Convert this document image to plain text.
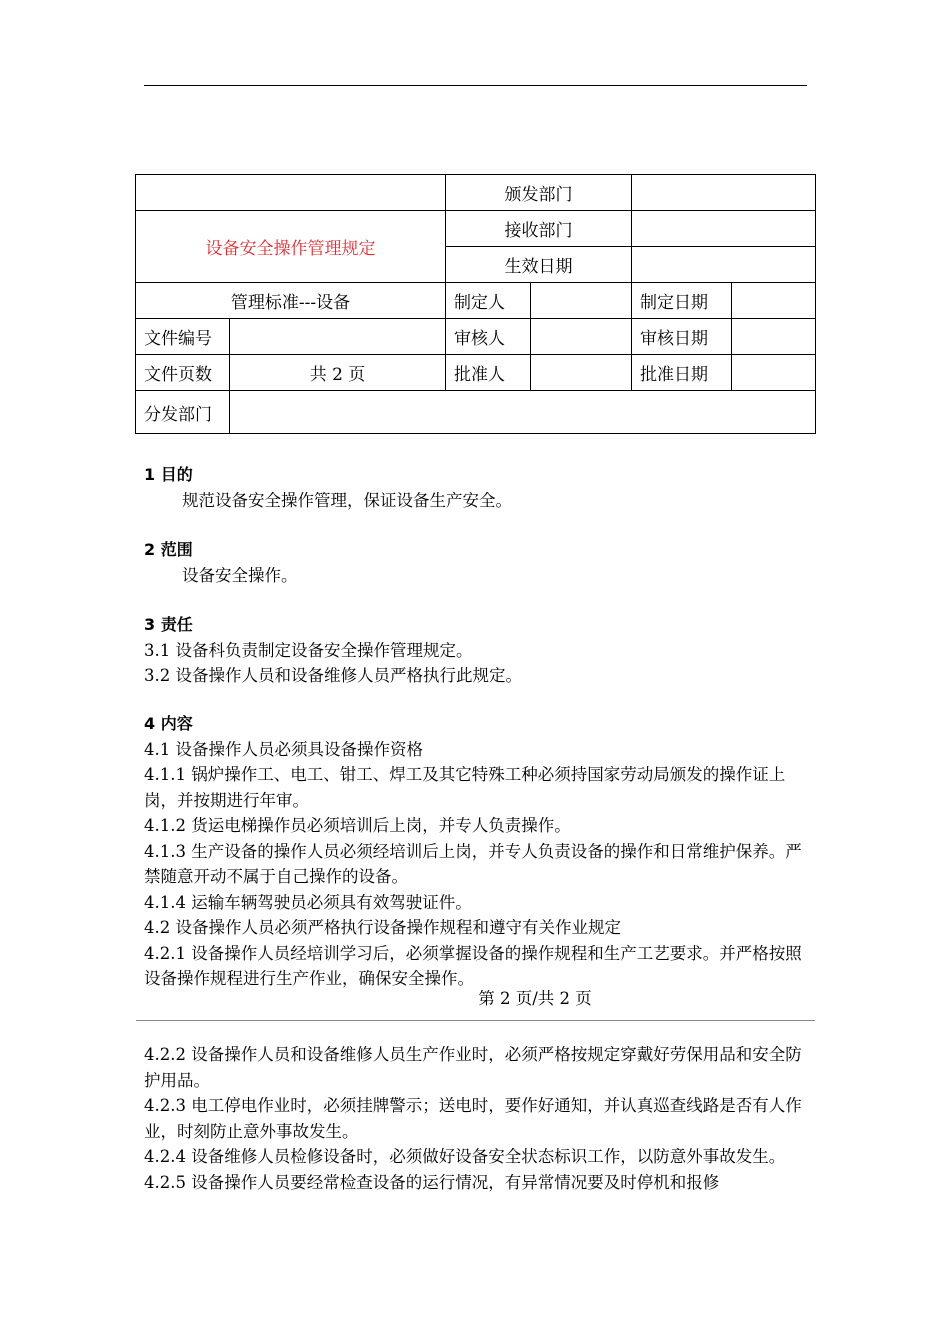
		颁发部门			
设备安全操作管理规定		接收部门			
		生效日期			
管理标准---设备		制定人		制定日期	
文件编号		审核人		审核日期	
文件页数	共 2 页	批准人		批准日期	
分发部门					

1 目的

规范设备安全操作管理，保证设备生产安全。

2 范围

设备安全操作。

3 责任

3.1 设备科负责制定设备安全操作管理规定。

3.2 设备操作人员和设备维修人员严格执行此规定。

4 内容

4.1 设备操作人员必须具设备操作资格

4.1.1 锅炉操作工、电工、钳工、焊工及其它特殊工种必须持国家劳动局颁发的操作证上岗，并按期进行年审。

4.1.2 货运电梯操作员必须培训后上岗，并专人负责操作。

4.1.3 生产设备的操作人员必须经培训后上岗，并专人负责设备的操作和日常维护保养。严禁随意开动不属于自己操作的设备。

4.1.4 运输车辆驾驶员必须具有效驾驶证件。

4.2 设备操作人员必须严格执行设备操作规程和遵守有关作业规定

4.2.1 设备操作人员经培训学习后，必须掌握设备的操作规程和生产工艺要求。并严格按照设备操作规程进行生产作业，确保安全操作。

第 2 页/共 2 页

4.2.2 设备操作人员和设备维修人员生产作业时，必须严格按规定穿戴好劳保用品和安全防护用品。

4.2.3 电工停电作业时，必须挂牌警示；送电时，要作好通知，并认真巡查线路是否有人作业，时刻防止意外事故发生。

4.2.4 设备维修人员检修设备时，必须做好设备安全状态标识工作，以防意外事故发生。

4.2.5 设备操作人员要经常检查设备的运行情况，有异常情况要及时停机和报修
